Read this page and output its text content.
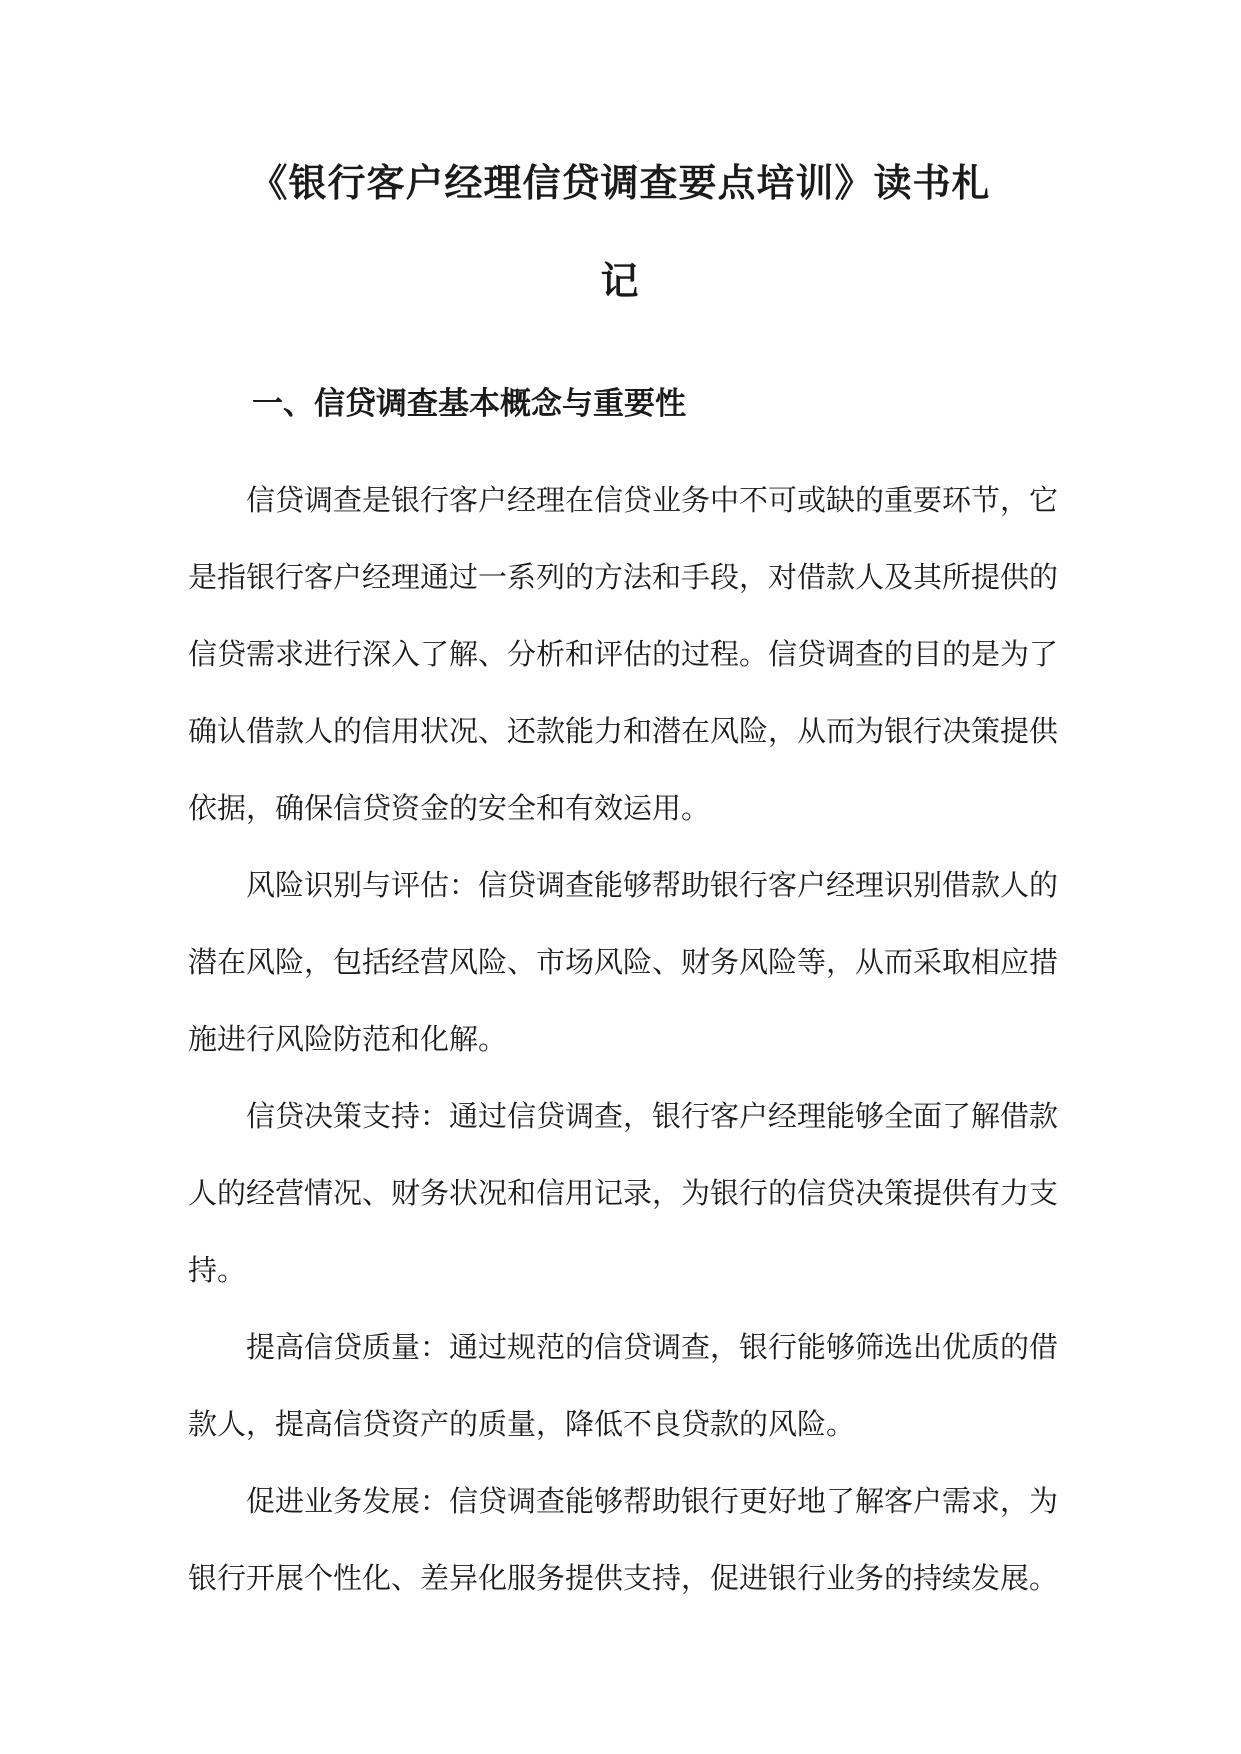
《银行客户经理信贷调查要点培训》读书札
记
一、信贷调查基本概念与重要性

信贷调查是银行客户经理在信贷业务中不可或缺的重要环节，它是指银行客户经理通过一系列的方法和手段，对借款人及其所提供的信贷需求进行深入了解、分析和评估的过程。信贷调查的目的是为了确认借款人的信用状况、还款能力和潜在风险，从而为银行决策提供依据，确保信贷资金的安全和有效运用。

风险识别与评估：信贷调查能够帮助银行客户经理识别借款人的潜在风险，包括经营风险、市场风险、财务风险等，从而采取相应措施进行风险防范和化解。

信贷决策支持：通过信贷调查，银行客户经理能够全面了解借款人的经营情况、财务状况和信用记录，为银行的信贷决策提供有力支持。

提高信贷质量：通过规范的信贷调查，银行能够筛选出优质的借款人，提高信贷资产的质量，降低不良贷款的风险。

促进业务发展：信贷调查能够帮助银行更好地了解客户需求，为银行开展个性化、差异化服务提供支持，促进银行业务的持续发展。
